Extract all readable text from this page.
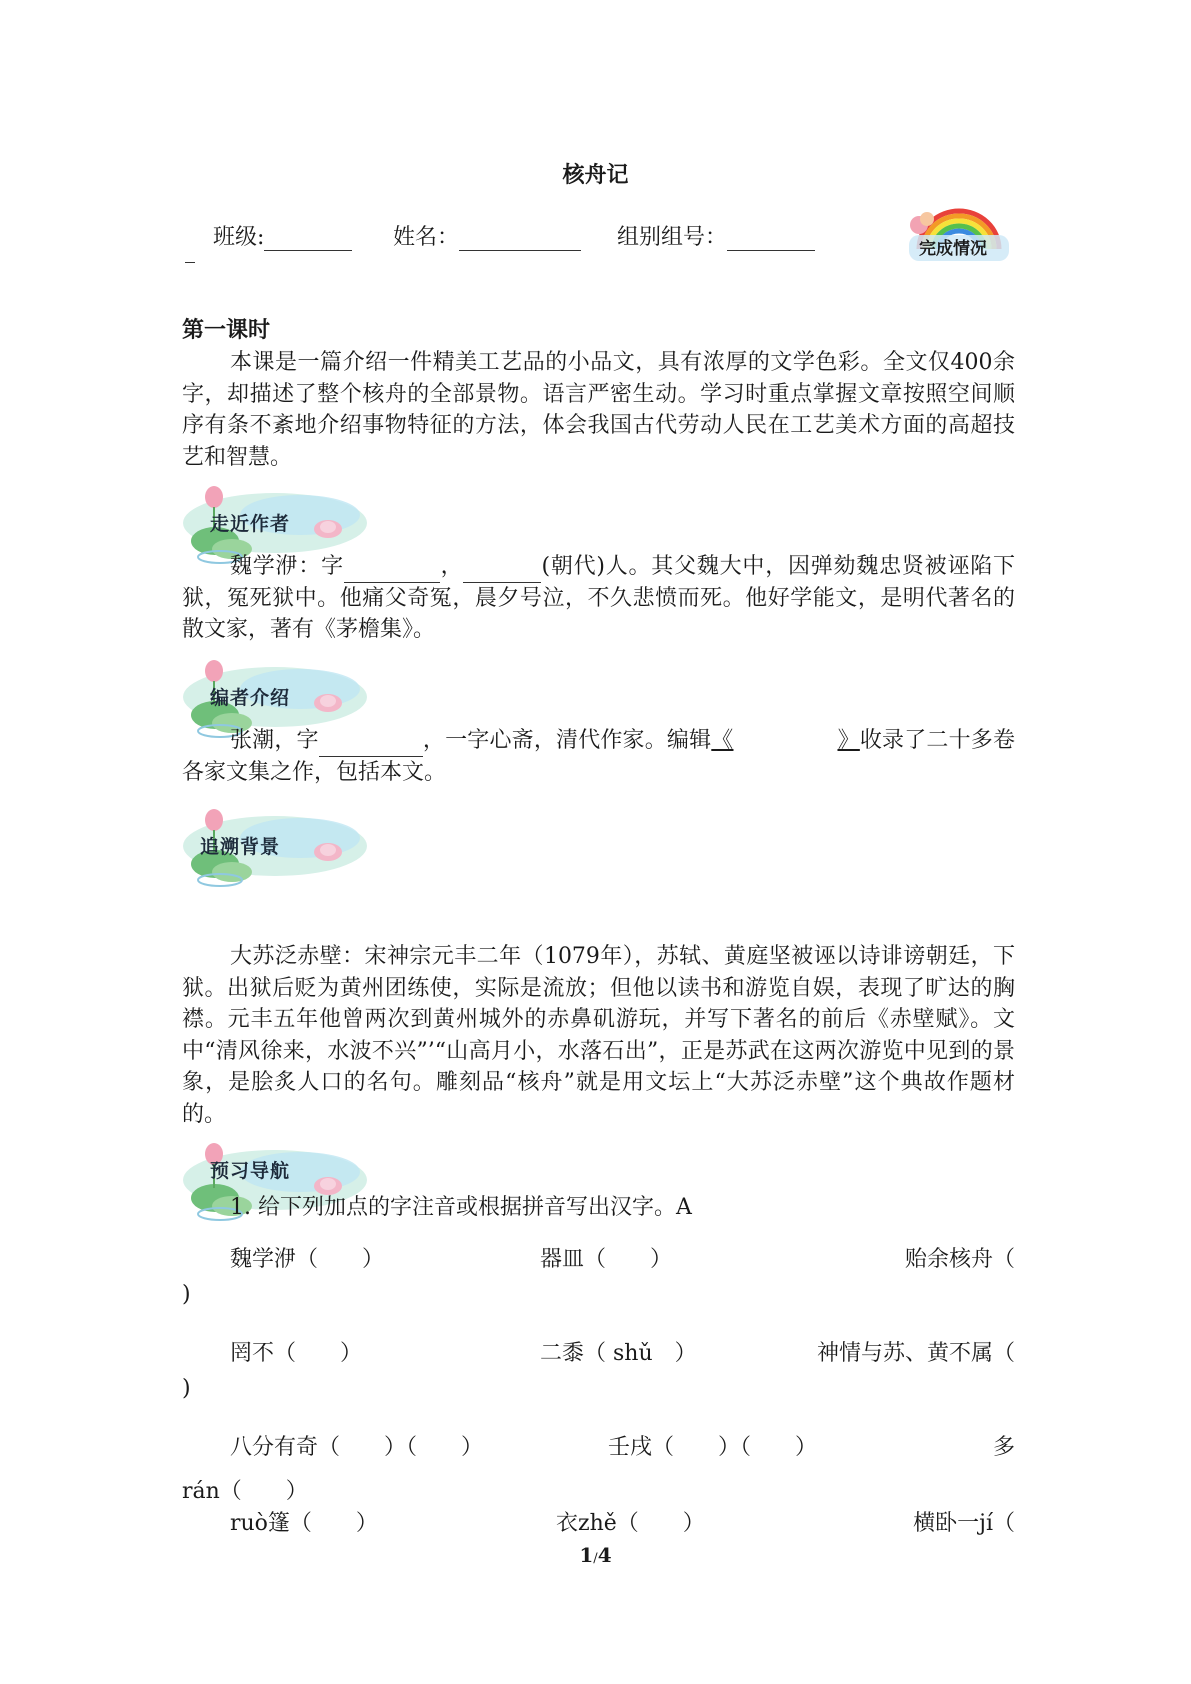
核舟记
班级:	姓名：	组别组号：	完成情况
第一课时

本课是一篇介绍一件精美工艺品的小品文，具有浓厚的文学色彩。全文仅400余字，却描述了整个核舟的全部景物。语言严密生动。学习时重点掌握文章按照空间顺序有条不紊地介绍事物特征的方法，体会我国古代劳动人民在工艺美术方面的高超技艺和智慧。

走近作者

魏学洢：字	，	(朝代)人。其父魏大中，因弹劾魏忠贤被诬陷下狱，冤死狱中。他痛父奇冤，晨夕号泣，不久悲愤而死。他好学能文，是明代著名的散文家，著有《茅檐集》。

编者介绍

张潮，字	，一字心斋，清代作家。编辑《	》收录了二十多卷各家文集之作，包括本文。

追溯背景

大苏泛赤壁：宋神宗元丰二年（1079年），苏轼、黄庭坚被诬以诗诽谤朝廷，下狱。出狱后贬为黄州团练使，实际是流放；但他以读书和游览自娱，表现了旷达的胸襟。元丰五年他曾两次到黄州城外的赤鼻矶游玩，并写下著名的前后《赤壁赋》。文中“清风徐来，水波不兴”’“山高月小，水落石出”，正是苏武在这两次游览中见到的景象，是脍炙人口的名句。雕刻品“核舟”就是用文坛上“大苏泛赤壁”这个典故作题材的。

预习导航
1. 给下列加点的字注音或根据拼音写出汉字。A
魏学洢（　　）	器皿（　　）	贻余核舟（
)
罔不（　　）	二黍（ shǔ　）	神情与苏、黄不属（
)
八分有奇（　　）（　　）	壬戌（　　）（　　）	多
rán（　　）
ruò篷（　　）	衣zhě（　　）	横卧一jí（
1/4
